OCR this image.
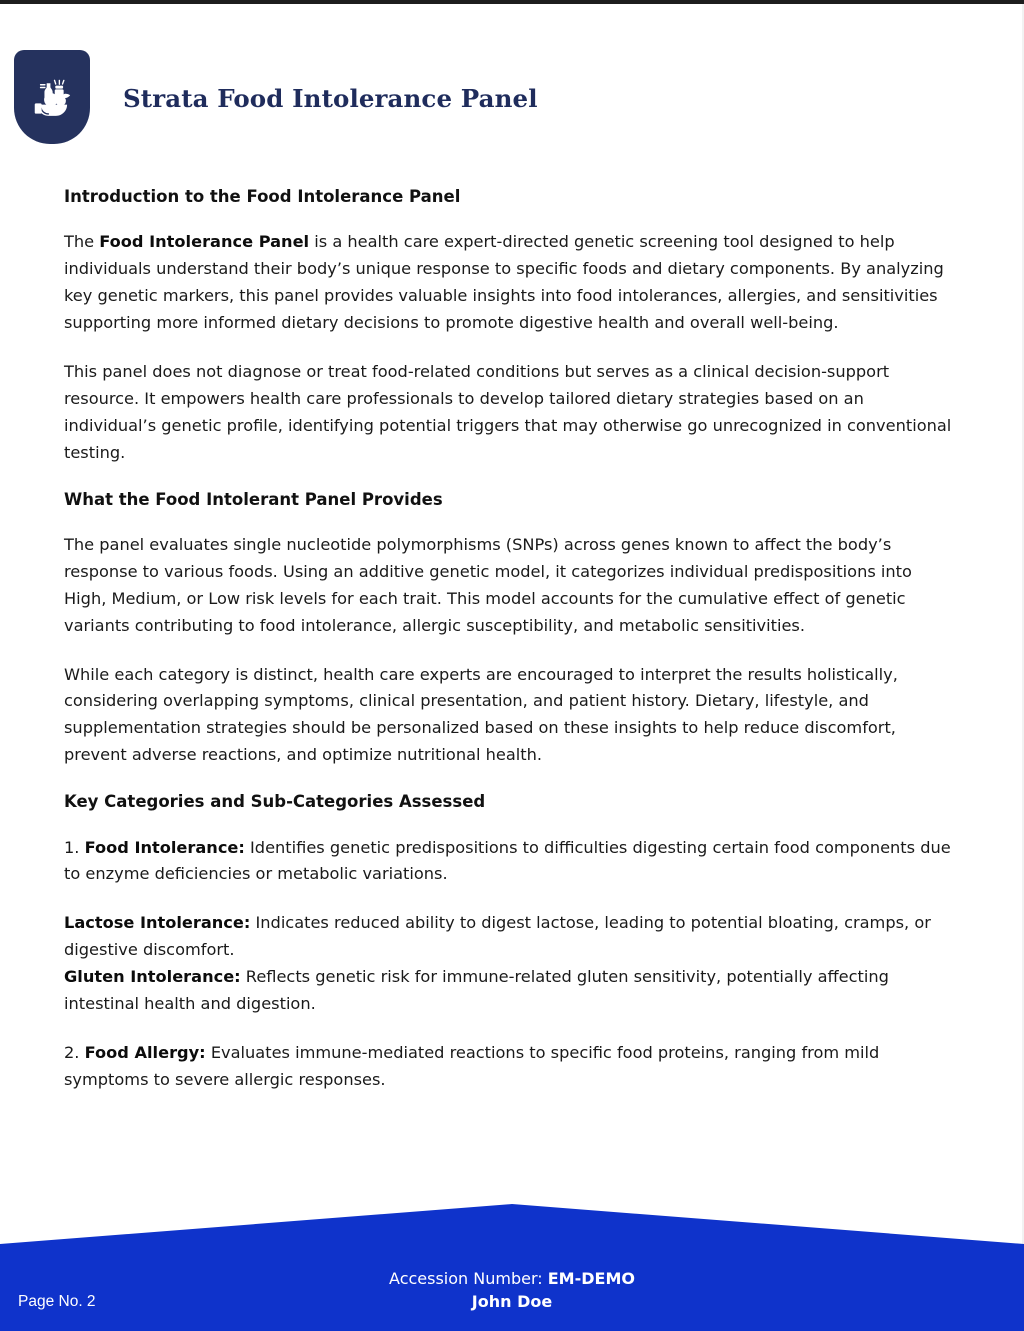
Strata Food Intolerance Panel
Introduction to the Food Intolerance Panel

The Food Intolerance Panel is a health care expert-directed genetic screening tool designed to help individuals understand their body’s unique response to specific foods and dietary components. By analyzing key genetic markers, this panel provides valuable insights into food intolerances, allergies, and sensitivities supporting more informed dietary decisions to promote digestive health and overall well-being.

This panel does not diagnose or treat food-related conditions but serves as a clinical decision-support resource. It empowers health care professionals to develop tailored dietary strategies based on an individual’s genetic profile, identifying potential triggers that may otherwise go unrecognized in conventional testing.

What the Food Intolerant Panel Provides

The panel evaluates single nucleotide polymorphisms (SNPs) across genes known to affect the body’s response to various foods. Using an additive genetic model, it categorizes individual predispositions into High, Medium, or Low risk levels for each trait. This model accounts for the cumulative effect of genetic variants contributing to food intolerance, allergic susceptibility, and metabolic sensitivities.

While each category is distinct, health care experts are encouraged to interpret the results holistically, considering overlapping symptoms, clinical presentation, and patient history. Dietary, lifestyle, and supplementation strategies should be personalized based on these insights to help reduce discomfort, prevent adverse reactions, and optimize nutritional health.

Key Categories and Sub-Categories Assessed

1. Food Intolerance: Identifies genetic predispositions to difficulties digesting certain food components due to enzyme deficiencies or metabolic variations.

Lactose Intolerance: Indicates reduced ability to digest lactose, leading to potential bloating, cramps, or digestive discomfort.
Gluten Intolerance: Reflects genetic risk for immune-related gluten sensitivity, potentially affecting intestinal health and digestion.

2. Food Allergy: Evaluates immune-mediated reactions to specific food proteins, ranging from mild symptoms to severe allergic responses.

Page No. 2
Accession Number: EM-DEMO
John Doe
